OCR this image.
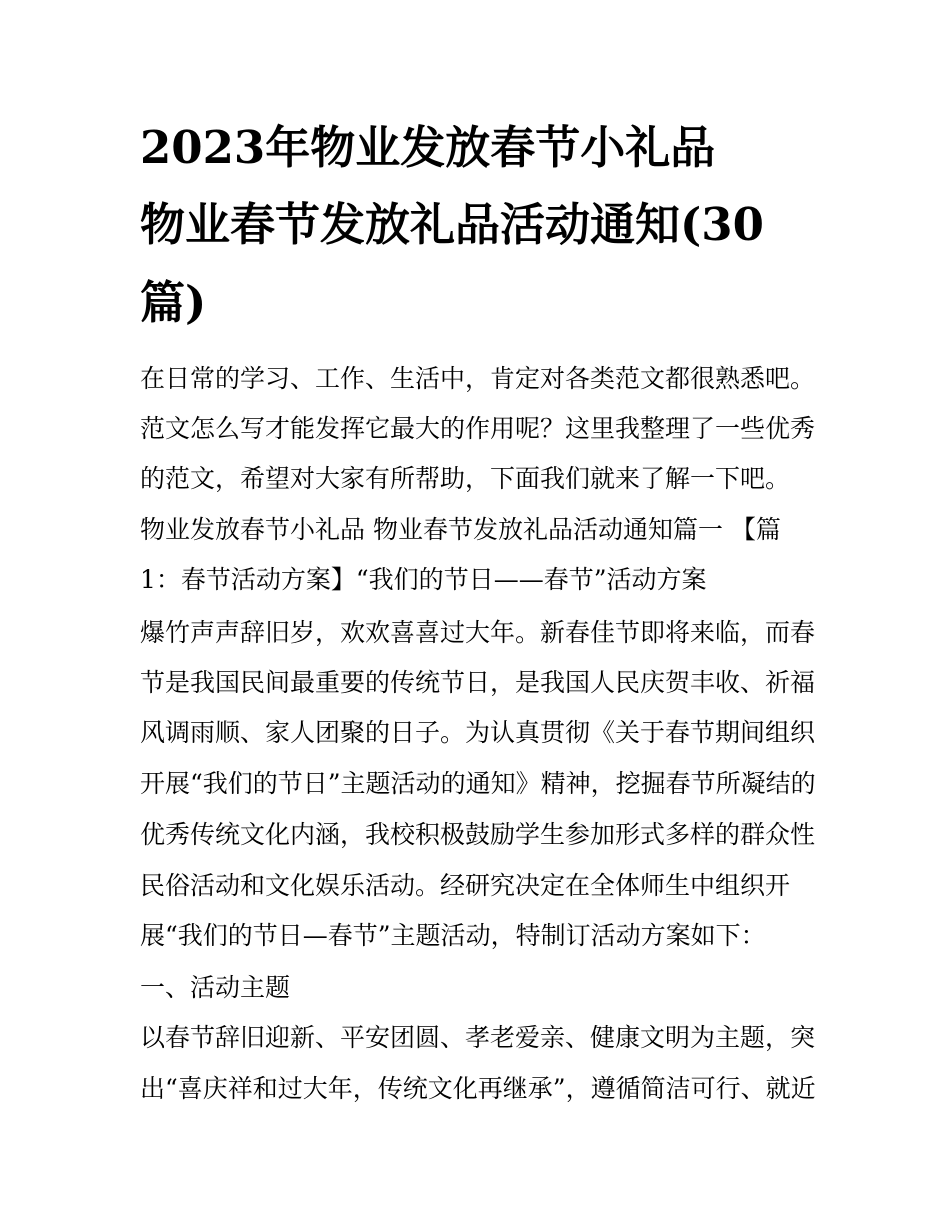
2023年物业发放春节小礼品
物业春节发放礼品活动通知(30
篇)

在日常的学习、工作、生活中，肯定对各类范文都很熟悉吧。

范文怎么写才能发挥它最大的作用呢？这里我整理了一些优秀

的范文，希望对大家有所帮助，下面我们就来了解一下吧。

物业发放春节小礼品 物业春节发放礼品活动通知篇一 【篇

1：春节活动方案】“我们的节日——春节”活动方案

爆竹声声辞旧岁，欢欢喜喜过大年。新春佳节即将来临，而春

节是我国民间最重要的传统节日，是我国人民庆贺丰收、祈福

风调雨顺、家人团聚的日子。为认真贯彻《关于春节期间组织

开展“我们的节日”主题活动的通知》精神，挖掘春节所凝结的

优秀传统文化内涵，我校积极鼓励学生参加形式多样的群众性

民俗活动和文化娱乐活动。经研究决定在全体师生中组织开

展“我们的节日—春节”主题活动，特制订活动方案如下：

一、活动主题

以春节辞旧迎新、平安团圆、孝老爱亲、健康文明为主题，突

出“喜庆祥和过大年，传统文化再继承”，遵循简洁可行、就近
